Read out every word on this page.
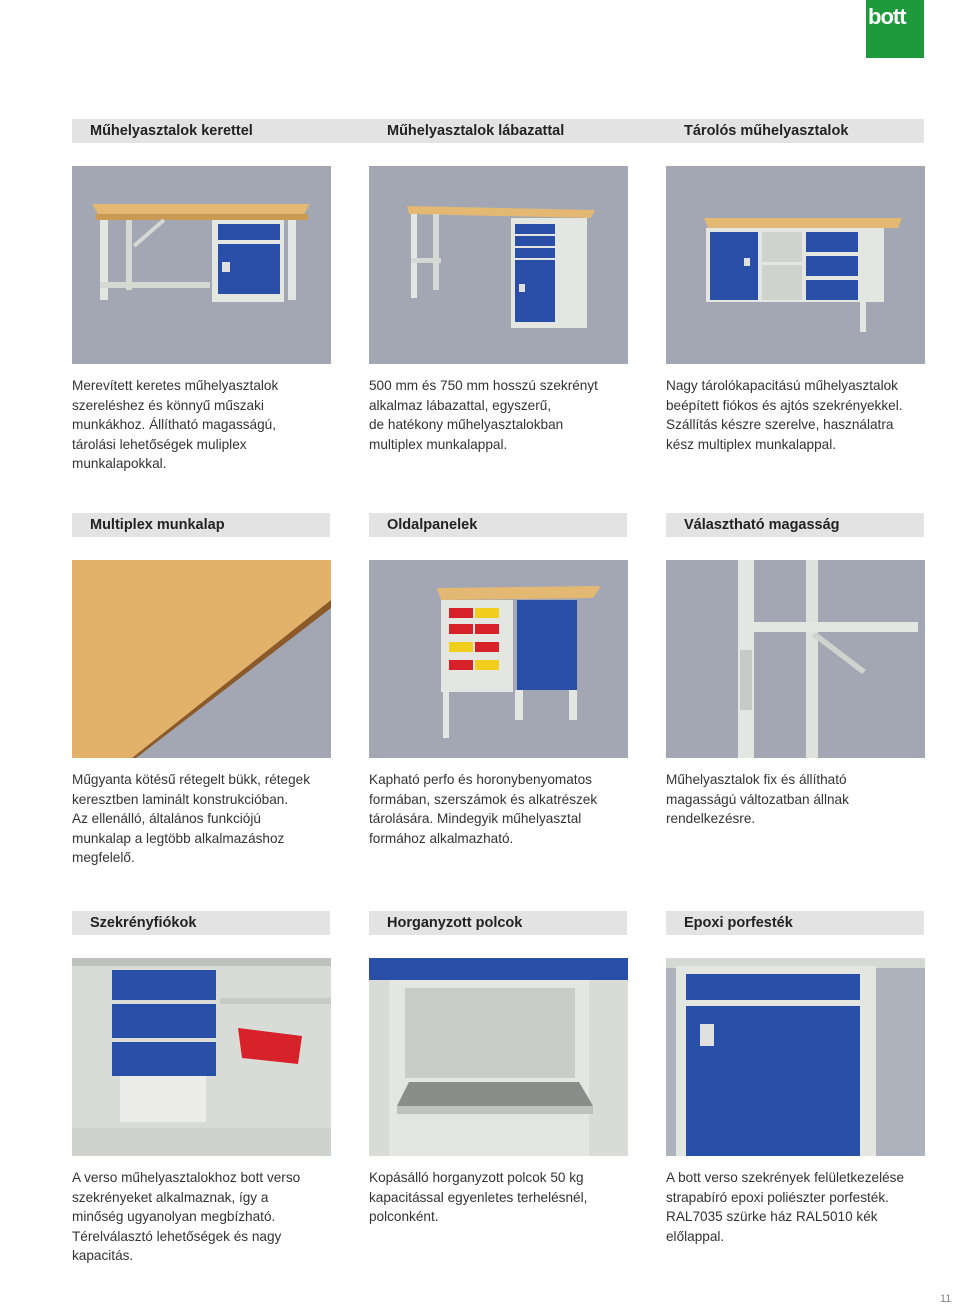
bott
Műhelyasztalok kerettel	Műhelyasztalok lábazattal	Tárolós műhelyasztalok

Merevített keretes műhelyasztalok

szereléshez és könnyű műszaki

munkákhoz. Állítható magasságú,

tárolási lehetőségek muliplex

munkalapokkal.

500 mm és 750 mm hosszú szekrényt

alkalmaz lábazattal, egyszerű,

de hatékony műhelyasztalokban

multiplex munkalappal.

Nagy tárolókapacitású műhelyasztalok

beépített fiókos és ajtós szekrényekkel.

Szállítás készre szerelve, használatra

kész multiplex munkalappal.

Multiplex munkalap	Oldalpanelek	Választható magasság

Műgyanta kötésű rétegelt bükk, rétegek

keresztben laminált konstrukcióban.

Az ellenálló, általános funkciójú

munkalap a legtöbb alkalmazáshoz

megfelelő.

Kapható perfo és horonybenyomatos

formában, szerszámok és alkatrészek

tárolására. Mindegyik műhelyasztal

formához alkalmazható.

Műhelyasztalok fix és állítható

magasságú változatban állnak

rendelkezésre.

Szekrényfiókok	Horganyzott polcok	Epoxi porfesték

A verso műhelyasztalokhoz bott verso

szekrényeket alkalmaznak, így a

minőség ugyanolyan megbízható.

Térelválasztó lehetőségek és nagy

kapacitás.

Kopásálló horganyzott polcok 50 kg

kapacitással egyenletes terhelésnél,

polconként.

A bott verso szekrények felületkezelése

strapabíró epoxi poliészter porfesték.

RAL7035 szürke ház RAL5010 kék

előlappal.

11
